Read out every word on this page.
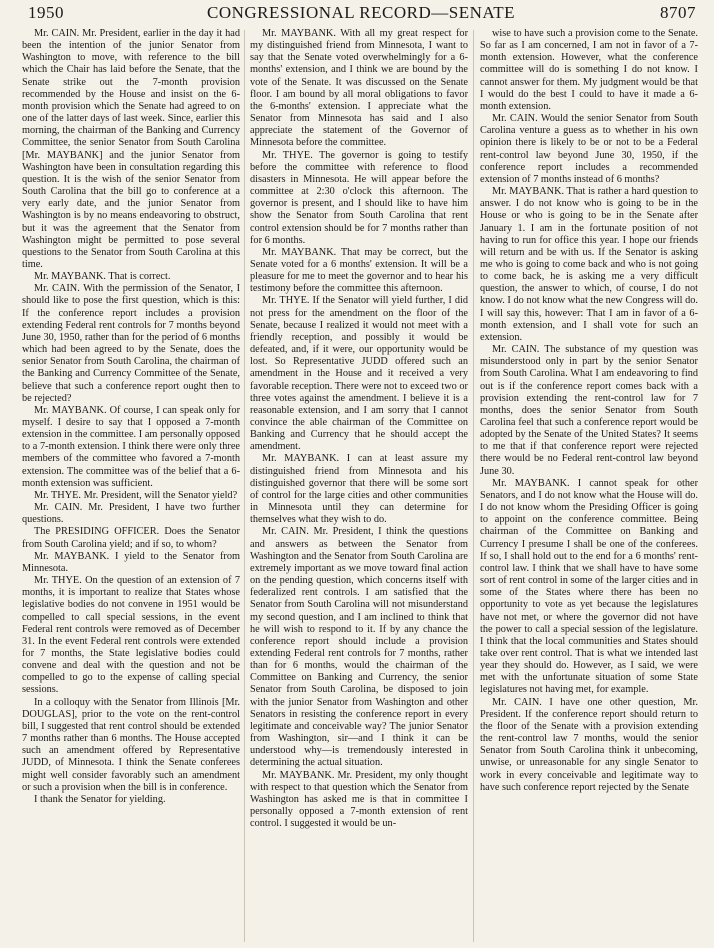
1950	CONGRESSIONAL RECORD—SENATE	8707

Mr. CAIN. Mr. President, earlier in the day it had been the intention of the junior Senator from Washington to move, with reference to the bill which the Chair has laid before the Senate, that the Senate strike out the 7-month provision recommended by the House and insist on the 6-month provision which the Senate had agreed to on one of the latter days of last week. Since, earlier this morning, the chairman of the Banking and Currency Committee, the senior Senator from South Carolina [Mr. MAYBANK] and the junior Senator from Washington have been in consultation regarding this question. It is the wish of the senior Senator from South Carolina that the bill go to conference at a very early date, and the junior Senator from Washington is by no means endeavoring to obstruct, but it was the agreement that the Senator from Washington might be permitted to pose several questions to the Senator from South Carolina at this time.

Mr. MAYBANK. That is correct.

Mr. CAIN. With the permission of the Senator, I should like to pose the first question, which is this: If the conference report includes a provision extending Federal rent controls for 7 months beyond June 30, 1950, rather than for the period of 6 months which had been agreed to by the Senate, does the senior Senator from South Carolina, the chairman of the Banking and Currency Committee of the Senate, believe that such a conference report ought then to be rejected?

Mr. MAYBANK. Of course, I can speak only for myself. I desire to say that I opposed a 7-month extension in the committee. I am personally opposed to a 7-month extension. I think there were only three members of the committee who favored a 7-month extension. The committee was of the belief that a 6-month extension was sufficient.

Mr. THYE. Mr. President, will the Senator yield?

Mr. CAIN. Mr. President, I have two further questions.

The PRESIDING OFFICER. Does the Senator from South Carolina yield; and if so, to whom?

Mr. MAYBANK. I yield to the Senator from Minnesota.

Mr. THYE. On the question of an extension of 7 months, it is important to realize that States whose legislative bodies do not convene in 1951 would be compelled to call special sessions, in the event Federal rent controls were removed as of December 31. In the event Federal rent controls were extended for 7 months, the State legislative bodies could convene and deal with the question and not be compelled to go to the expense of calling special sessions.

In a colloquy with the Senator from Illinois [Mr. DOUGLAS], prior to the vote on the rent-control bill, I suggested that rent control should be extended 7 months rather than 6 months. The House accepted such an amendment offered by Representative JUDD, of Minnesota. I think the Senate conferees might well consider favorably such an amendment or such a provision when the bill is in conference.

I thank the Senator for yielding.

Mr. MAYBANK. With all my great respect for my distinguished friend from Minnesota, I want to say that the Senate voted overwhelmingly for a 6-months' extension, and I think we are bound by the vote of the Senate. It was discussed on the Senate floor. I am bound by all moral obligations to favor the 6-months' extension. I appreciate what the Senator from Minnesota has said and I also appreciate the statement of the Governor of Minnesota before the committee.

Mr. THYE. The governor is going to testify before the committee with reference to flood disasters in Minnesota. He will appear before the committee at 2:30 o'clock this afternoon. The governor is present, and I should like to have him show the Senator from South Carolina that rent control extension should be for 7 months rather than for 6 months.

Mr. MAYBANK. That may be correct, but the Senate voted for a 6 months' extension. It will be a pleasure for me to meet the governor and to hear his testimony before the committee this afternoon.

Mr. THYE. If the Senator will yield further, I did not press for the amendment on the floor of the Senate, because I realized it would not meet with a friendly reception, and possibly it would be defeated, and, if it were, our opportunity would be lost. So Representative JUDD offered such an amendment in the House and it received a very favorable reception. There were not to exceed two or three votes against the amendment. I believe it is a reasonable extension, and I am sorry that I cannot convince the able chairman of the Committee on Banking and Currency that he should accept the amendment.

Mr. MAYBANK. I can at least assure my distinguished friend from Minnesota and his distinguished governor that there will be some sort of control for the large cities and other communities in Minnesota until they can determine for themselves what they wish to do.

Mr. CAIN. Mr. President, I think the questions and answers as between the Senator from Washington and the Senator from South Carolina are extremely important as we move toward final action on the pending question, which concerns itself with federalized rent controls. I am satisfied that the Senator from South Carolina will not misunderstand my second question, and I am inclined to think that he will wish to respond to it. If by any chance the conference report should include a provision extending Federal rent controls for 7 months, rather than for 6 months, would the chairman of the Committee on Banking and Currency, the senior Senator from South Carolina, be disposed to join with the junior Senator from Washington and other Senators in resisting the conference report in every legitimate and conceivable way? The junior Senator from Washington, sir—and I think it can be understood why—is tremendously interested in determining the actual situation.

Mr. MAYBANK. Mr. President, my only thought with respect to that question which the Senator from Washington has asked me is that in committee I personally opposed a 7-month extension of rent control. I suggested it would be un-

wise to have such a provision come to the Senate. So far as I am concerned, I am not in favor of a 7-month extension. However, what the conference committee will do is something I do not know. I cannot answer for them. My judgment would be that I would do the best I could to have it made a 6-month extension.

Mr. CAIN. Would the senior Senator from South Carolina venture a guess as to whether in his own opinion there is likely to be or not to be a Federal rent-control law beyond June 30, 1950, if the conference report includes a recommended extension of 7 months instead of 6 months?

Mr. MAYBANK. That is rather a hard question to answer. I do not know who is going to be in the House or who is going to be in the Senate after January 1. I am in the fortunate position of not having to run for office this year. I hope our friends will return and be with us. If the Senator is asking me who is going to come back and who is not going to come back, he is asking me a very difficult question, the answer to which, of course, I do not know. I do not know what the new Congress will do. I will say this, however: That I am in favor of a 6-month extension, and I shall vote for such an extension.

Mr. CAIN. The substance of my question was misunderstood only in part by the senior Senator from South Carolina. What I am endeavoring to find out is if the conference report comes back with a provision extending the rent-control law for 7 months, does the senior Senator from South Carolina feel that such a conference report would be adopted by the Senate of the United States? It seems to me that if that conference report were rejected there would be no Federal rent-control law beyond June 30.

Mr. MAYBANK. I cannot speak for other Senators, and I do not know what the House will do. I do not know whom the Presiding Officer is going to appoint on the conference committee. Being chairman of the Committee on Banking and Currency I presume I shall be one of the conferees. If so, I shall hold out to the end for a 6 months' rent-control law. I think that we shall have to have some sort of rent control in some of the larger cities and in some of the States where there has been no opportunity to vote as yet because the legislatures have not met, or where the governor did not have the power to call a special session of the legislature. I think that the local communities and States should take over rent control. That is what we intended last year they should do. However, as I said, we were met with the unfortunate situation of some State legislatures not having met, for example.

Mr. CAIN. I have one other question, Mr. President. If the conference report should return to the floor of the Senate with a provision extending the rent-control law 7 months, would the senior Senator from South Carolina think it unbecoming, unwise, or unreasonable for any single Senator to work in every conceivable and legitimate way to have such conference report rejected by the Senate
